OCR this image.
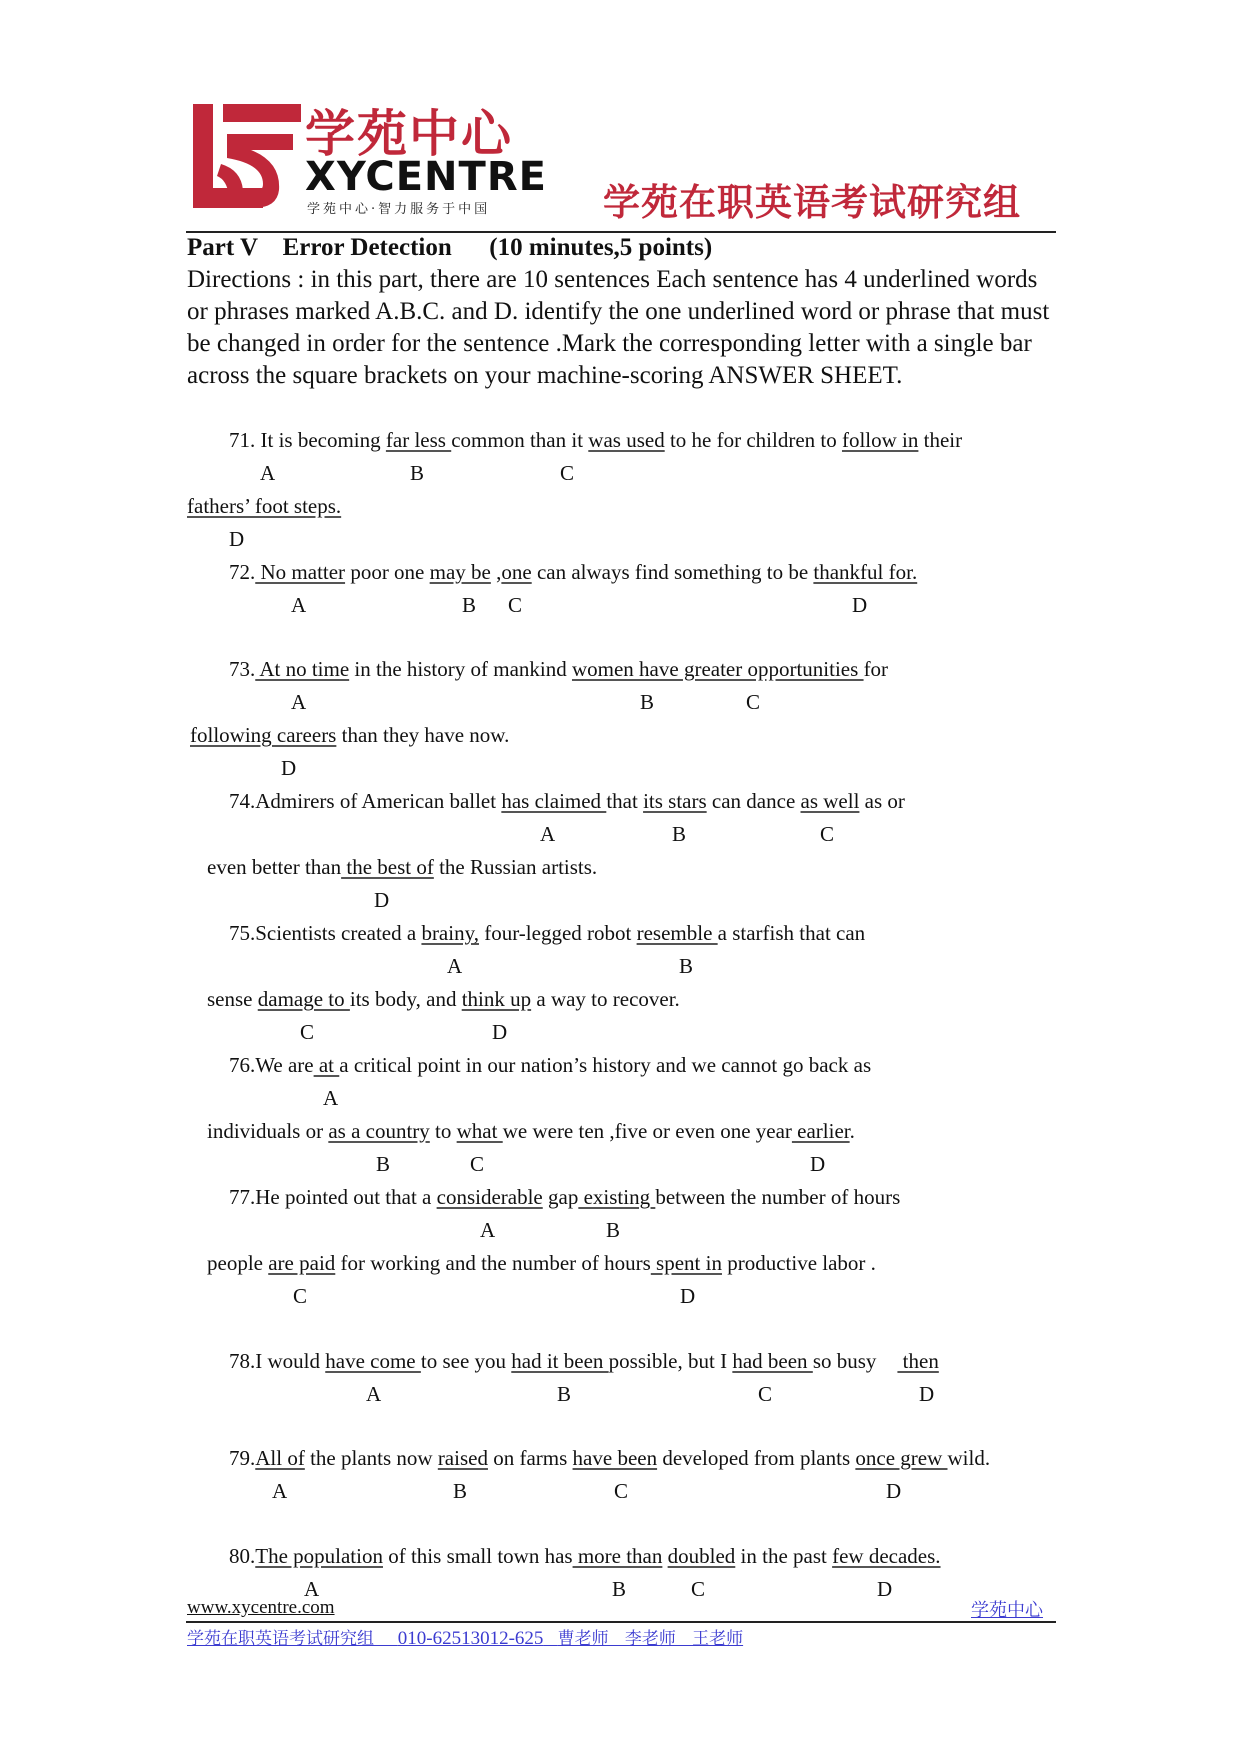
学苑中心

XYCENTRE

学苑中心·智力服务于中国	学苑在职英语考试研究组
Part V    Error Detection      (10 minutes,5 points)
Directions : in this part, there are 10 sentences Each sentence has 4 underlined words
or phrases marked A.B.C. and D. identify the one underlined word or phrase that must
be changed in order for the sentence .Mark the corresponding letter with a single bar
across the square brackets on your machine-scoring ANSWER SHEET.
71. It is becoming far less common than it was used to he for children to follow in their
A	B	C
fathers’ foot steps.
D
72. No matter poor one may be ,one can always find something to be thankful for.
A	B C	D
73. At no time in the history of mankind women have greater opportunities for
A	B	C
following careers than they have now.
D
74.Admirers of American ballet has claimed that its stars can dance as well as or
A	B	C
even better than the best of the Russian artists.
D
75.Scientists created a brainy, four-legged robot resemble a starfish that can
A	B
sense damage to its body, and think up a way to recover.
C	D
76.We are at a critical point in our nation’s history and we cannot go back as
A
individuals or as a country to what we were ten ,five or even one year earlier.
B	C	D
77.He pointed out that a considerable gap existing between the number of hours
A	B
people are paid for working and the number of hours spent in productive labor .
C	D
78.I would have come to see you had it been possible, but I had been so busy     then
A	B	C	D
79.All of the plants now raised on farms have been developed from plants once grew wild.
A	B	C	D
80.The population of this small town has more than doubled in the past few decades.
A	B	C	D
www.xycentre.com	学苑中心
学苑在职英语考试研究组 010-62513012-625 曹老师   李老师   王老师
